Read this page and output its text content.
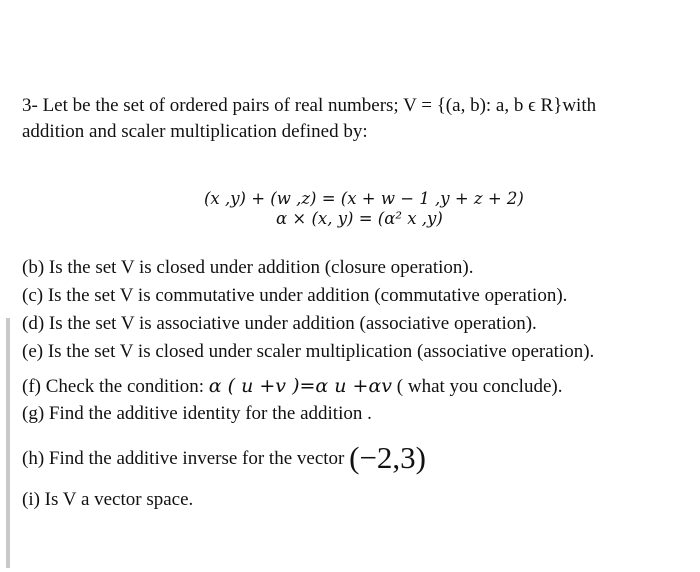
3- Let be the set of ordered pairs of real numbers; V = {(a, b): a, b ϵ R}with
addition and scaler multiplication defined by:
(x ,y) + (w ,z) = (x + w − 1 ,y + z + 2)
α × (x, y) = (α² x ,y)
(b) Is the set V is closed under addition (closure operation).
(c) Is the set V is commutative under addition (commutative operation).
(d) Is the set V is associative under addition (associative operation).
(e) Is the set V is closed under scaler multiplication (associative operation).
(f) Check the condition: α ( u +v )=α u +αv ( what you conclude).
(g) Find the additive identity for the addition .
(h) Find the additive inverse for the vector (−2,3)
(i) Is V a vector space.
